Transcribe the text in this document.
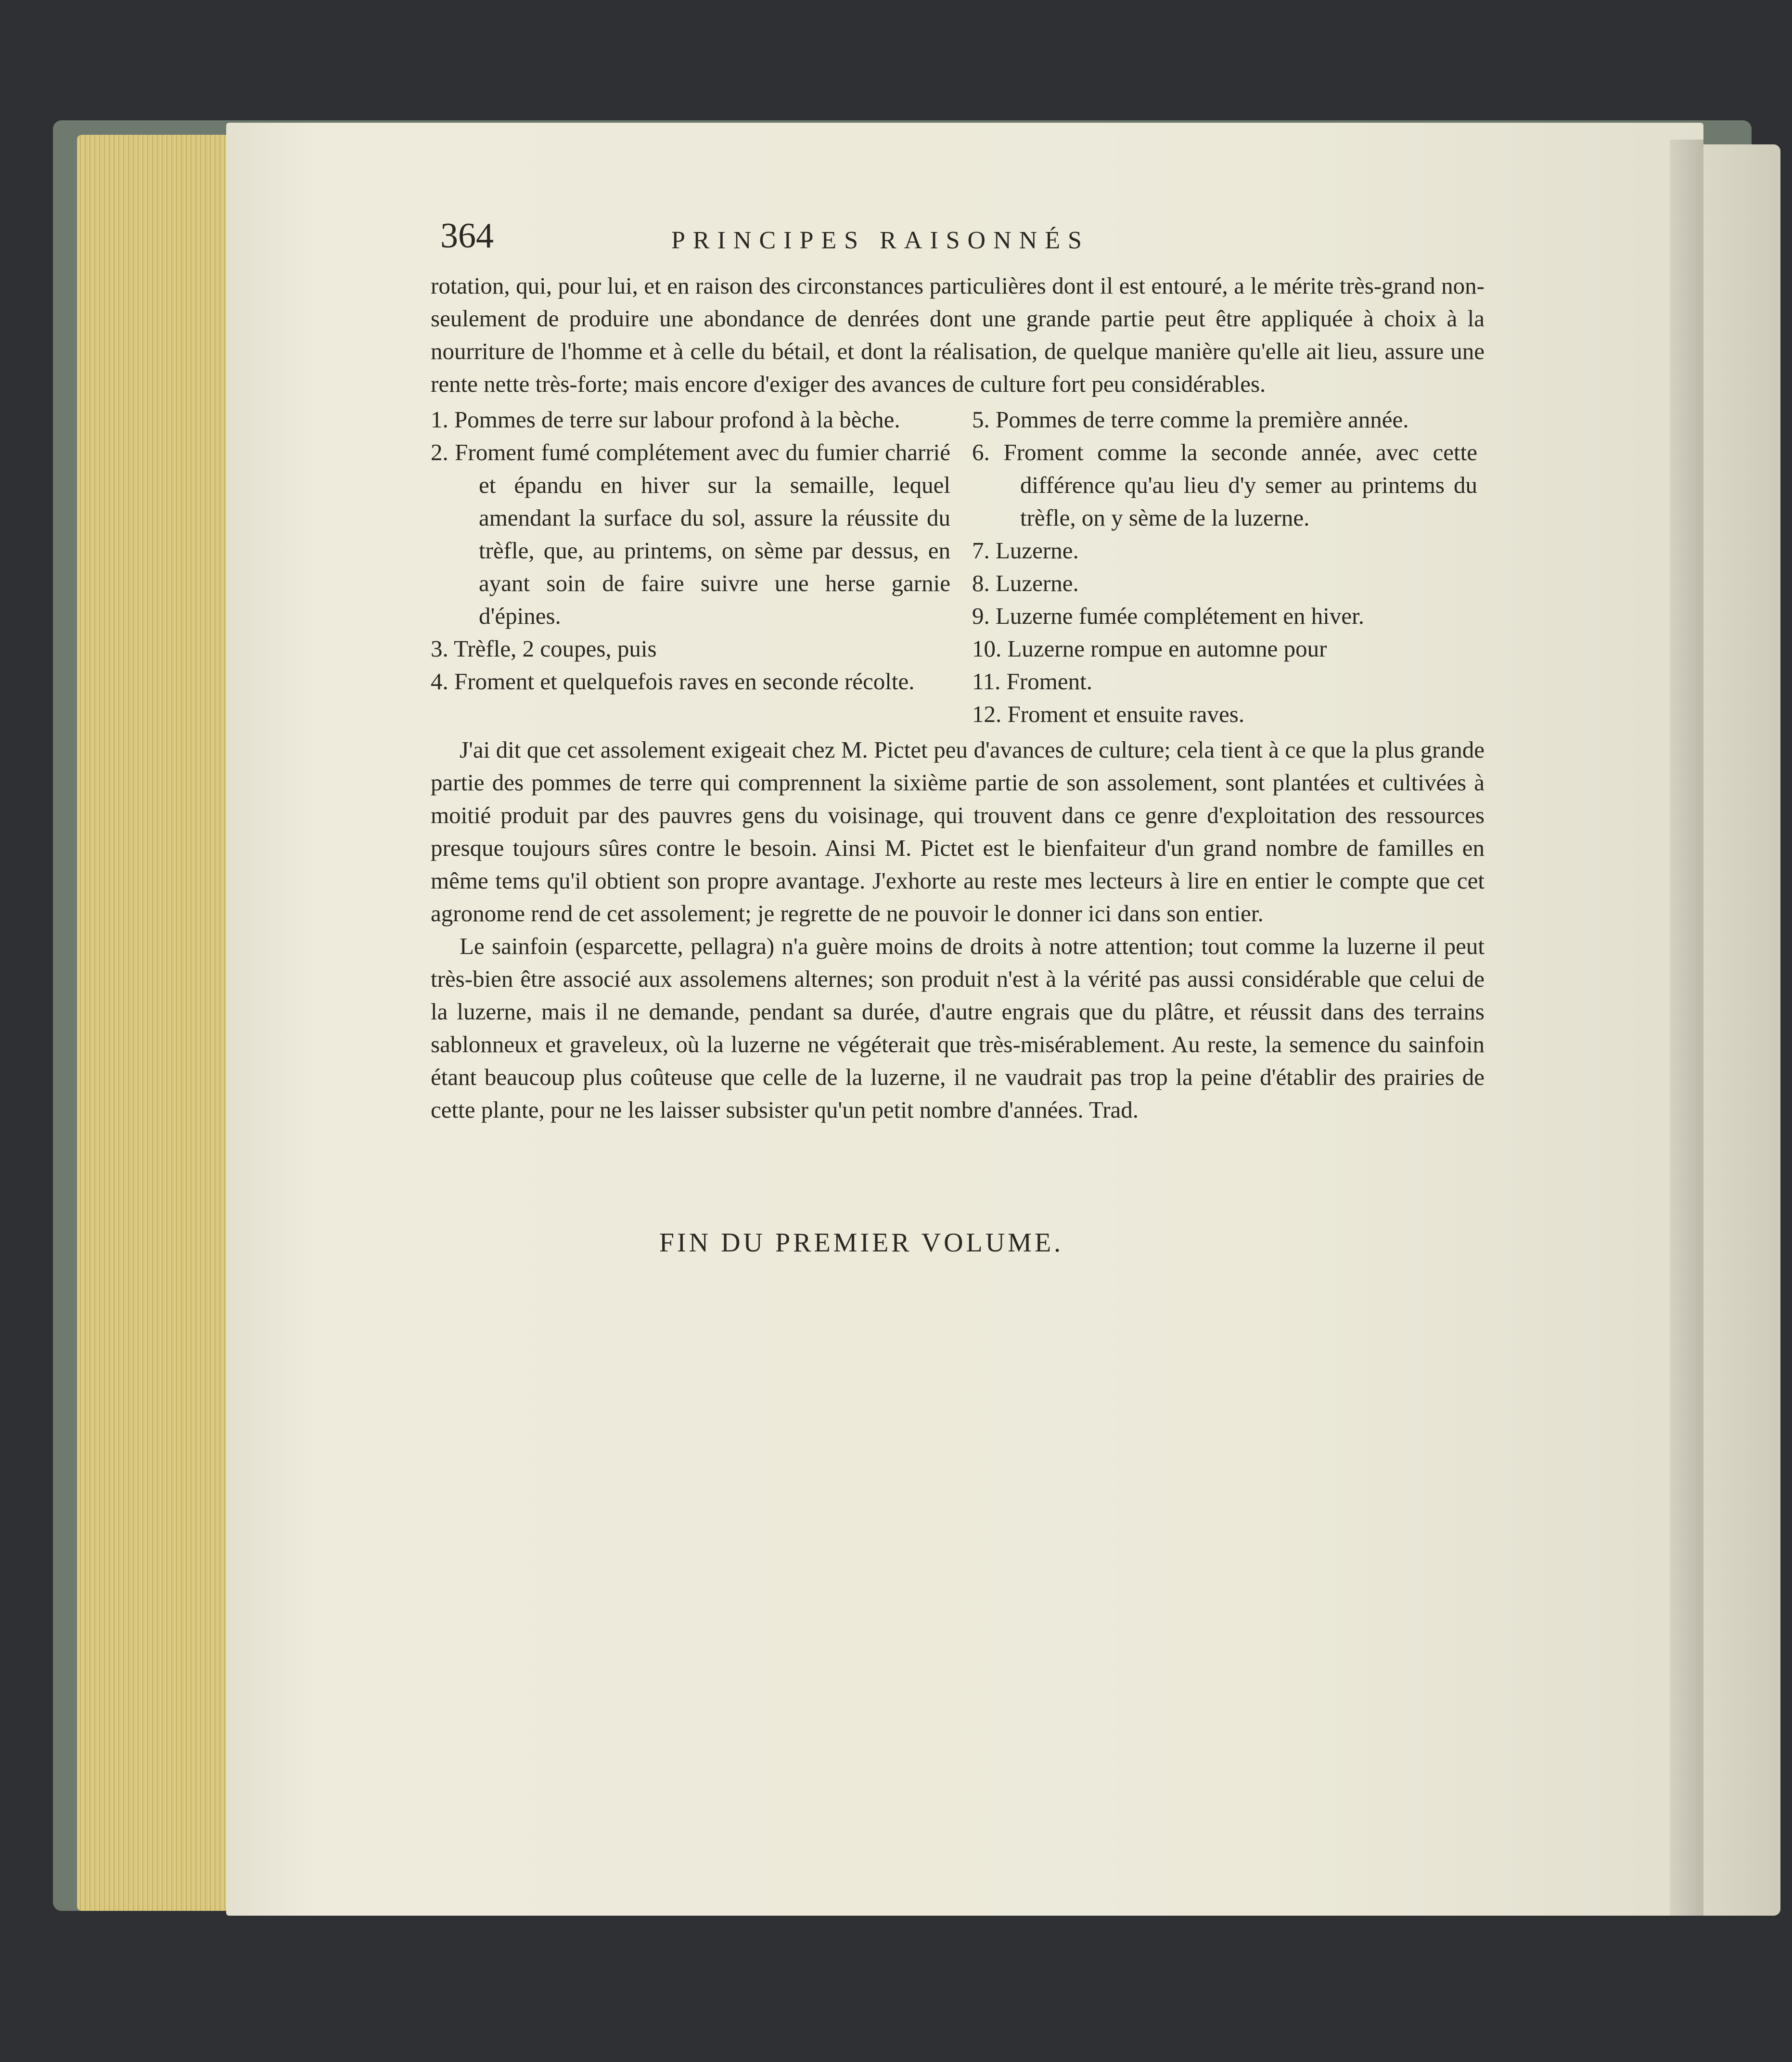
364	PRINCIPES RAISONNÉS

rotation, qui, pour lui, et en raison des circonstances particulières dont il est entouré, a le mérite très-grand non-seulement de produire une abondance de denrées dont une grande partie peut être appliquée à choix à la nourriture de l'homme et à celle du bétail, et dont la réalisation, de quelque manière qu'elle ait lieu, assure une rente nette très-forte; mais encore d'exiger des avances de culture fort peu considérables.

1. Pommes de terre sur labour profond à la bèche.

2. Froment fumé complétement avec du fumier charrié et épandu en hiver sur la semaille, lequel amendant la surface du sol, assure la réussite du trèfle, que, au printems, on sème par dessus, en ayant soin de faire suivre une herse garnie d'épines.

3. Trèfle, 2 coupes, puis

4. Froment et quelquefois raves en seconde récolte.

5. Pommes de terre comme la première année.

6. Froment comme la seconde année, avec cette différence qu'au lieu d'y semer au printems du trèfle, on y sème de la luzerne.

7. Luzerne.

8. Luzerne.

9. Luzerne fumée complétement en hiver.

10. Luzerne rompue en automne pour

11. Froment.

12. Froment et ensuite raves.

J'ai dit que cet assolement exigeait chez M. Pictet peu d'avances de culture; cela tient à ce que la plus grande partie des pommes de terre qui comprennent la sixième partie de son assolement, sont plantées et cultivées à moitié produit par des pauvres gens du voisinage, qui trouvent dans ce genre d'exploitation des ressources presque toujours sûres contre le besoin. Ainsi M. Pictet est le bienfaiteur d'un grand nombre de familles en même tems qu'il obtient son propre avantage. J'exhorte au reste mes lecteurs à lire en entier le compte que cet agronome rend de cet assolement; je regrette de ne pouvoir le donner ici dans son entier.

Le sainfoin (esparcette, pellagra) n'a guère moins de droits à notre attention; tout comme la luzerne il peut très-bien être associé aux assolemens alternes; son produit n'est à la vérité pas aussi considérable que celui de la luzerne, mais il ne demande, pendant sa durée, d'autre engrais que du plâtre, et réussit dans des terrains sablonneux et graveleux, où la luzerne ne végéterait que très-misérablement. Au reste, la semence du sainfoin étant beaucoup plus coûteuse que celle de la luzerne, il ne vaudrait pas trop la peine d'établir des prairies de cette plante, pour ne les laisser subsister qu'un petit nombre d'années. Trad.

FIN DU PREMIER VOLUME.
